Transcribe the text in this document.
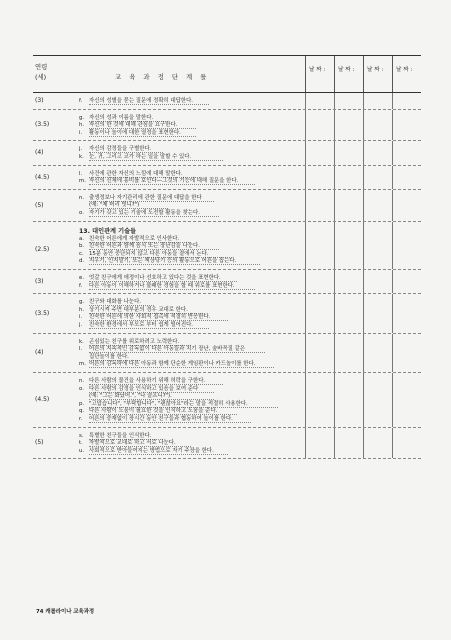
연령
(세)	교 육 과 정 단 계 틀
날 짜 : 날 짜 : 날 짜 : 날 짜 :
(3)	f. 자신의 성별을 묻는 질문에 정확히 대답한다.
(3.5)
g. 자신의 성과 이름을 말한다.
h. 자신의 한 것에 대해 관심을 요구한다.
i. 활동이나 놀이에 대한 열정을 표현한다.
(4)
j. 자신의 감정들을 구별한다.
k. 눈, 귀, 그리고 코가 하는 일을 말할 수 있다.
(4.5)
l. 사건에 관한 자신의 느낌에 대해 말한다.
m. 자신의 신체에 흥미를 보인다—그것의 기능에 대해 질문을 한다.
(5)
n. 출생정보나 자기관리에 관한 질문에 대답을 한다
(예: "제 머리 빗니?")
o. 자기가 갖고 있는 기술에 도전할 활동을 찾는다.
13. 대인관계 기술들
(2.5)
a. 친숙한 어른에게 자발적으로 인사한다.
b. 친숙한 어른과 함께 음식 또는 장난감을 나눈다.
c. 15분 동안 중단되지 않고 다른 아동들 곁에서 논다.
d. 지우기, 인지말기, 또는 책상닦기 등의 활동으로 어른을 돕는다.
(3)
e. 엇갈 친구에게 애정이나 선호하고 있다는 것을 표현한다.
f. 다른 아동이 이해하거나 불쾌한 경험을 할 때 위로를 표현한다.
(3.5)
g. 친구와 대화를 나눈다.
h. 상기시켜 주면 대부분의 경우 교대로 한다.
i. 친숙한 어른에 의한 사회적 접촉에 적절히 반응한다.
j. 친숙한 환경에서 부모로 부터 쉽게 떨어진다.
(4)
k. 곤심있는 친구를 위로하려고 노력한다.
l. 어른의 지속적인 감독없이 다른 아동들과 치기 장난, 술바꼭질 같은
집단놀이를 한다.
m. 어른의 감독하에 다른 아동과 함께 단순한 게임판이나 카드놀이를 한다.
(4.5)
n. 다른 사람의 물건을 사용하기 위해 허락을 구한다.
o. 다른 사람의 감정을 인식하고 있음을 보여 준다
(예: "그는 화났어.", "나 슬프니?").
p. "고맙습니다", "부탁합니다", "괜찮아요"라는 말을 적절히 사용한다.
q. 다른 사람이 도움이 필요한 것을 인식하고 도움을 준다.
r. 어른의 중재없이 장시간 동안 친구들과 협동하여 놀이를 한다.
(5)
s. 특별한 친구들을 인식한다.
t. 자발적으로 교대로 하고 서로 나눈다.
u. 사회적으로 받아들여지는 방법으로 자기 주장을 한다.
74 캐롤라이나 교육과정
